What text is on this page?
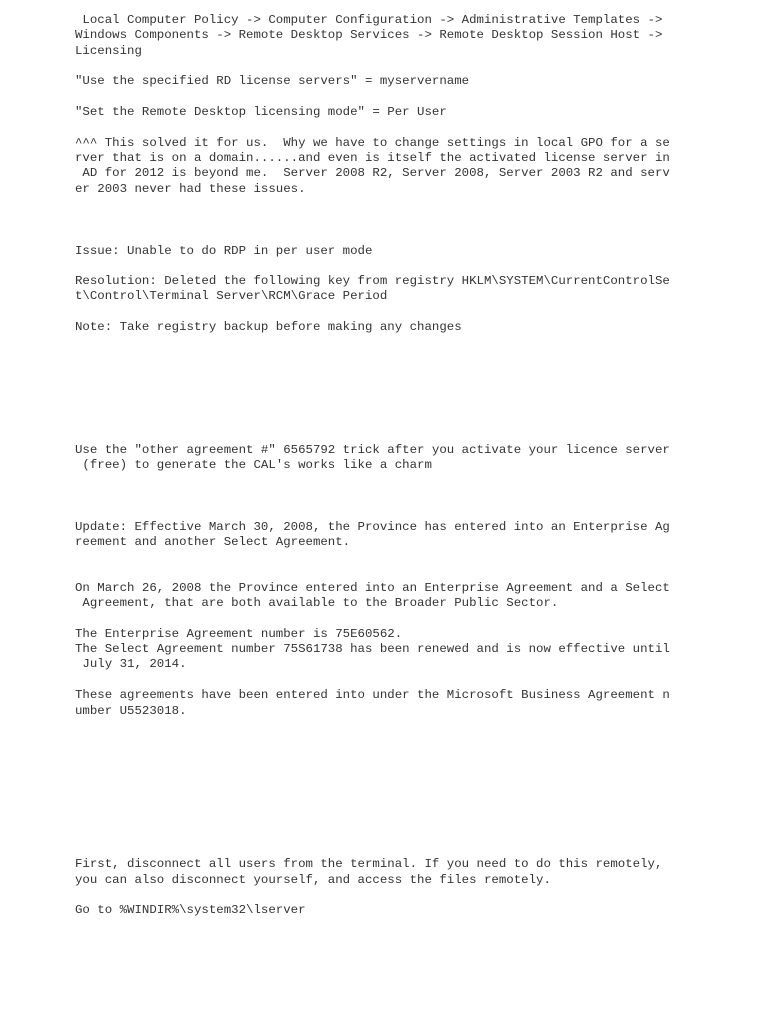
Local Computer Policy -> Computer Configuration -> Administrative Templates ->

Windows Components -> Remote Desktop Services -> Remote Desktop Session Host ->

Licensing

"Use the specified RD license servers" = myservername

"Set the Remote Desktop licensing mode" = Per User

^^^ This solved it for us.  Why we have to change settings in local GPO for a se

rver that is on a domain......and even is itself the activated license server in

AD for 2012 is beyond me.  Server 2008 R2, Server 2008, Server 2003 R2 and serv

er 2003 never had these issues.

Issue: Unable to do RDP in per user mode

Resolution: Deleted the following key from registry HKLM\SYSTEM\CurrentControlSe

t\Control\Terminal Server\RCM\Grace Period

Note: Take registry backup before making any changes

Use the "other agreement #" 6565792 trick after you activate your licence server

(free) to generate the CAL's works like a charm

Update: Effective March 30, 2008, the Province has entered into an Enterprise Ag

reement and another Select Agreement.

On March 26, 2008 the Province entered into an Enterprise Agreement and a Select

Agreement, that are both available to the Broader Public Sector.

The Enterprise Agreement number is 75E60562.

The Select Agreement number 75S61738 has been renewed and is now effective until

July 31, 2014.

These agreements have been entered into under the Microsoft Business Agreement n

umber U5523018.

First, disconnect all users from the terminal. If you need to do this remotely,

you can also disconnect yourself, and access the files remotely.

Go to %WINDIR%\system32\lserver
